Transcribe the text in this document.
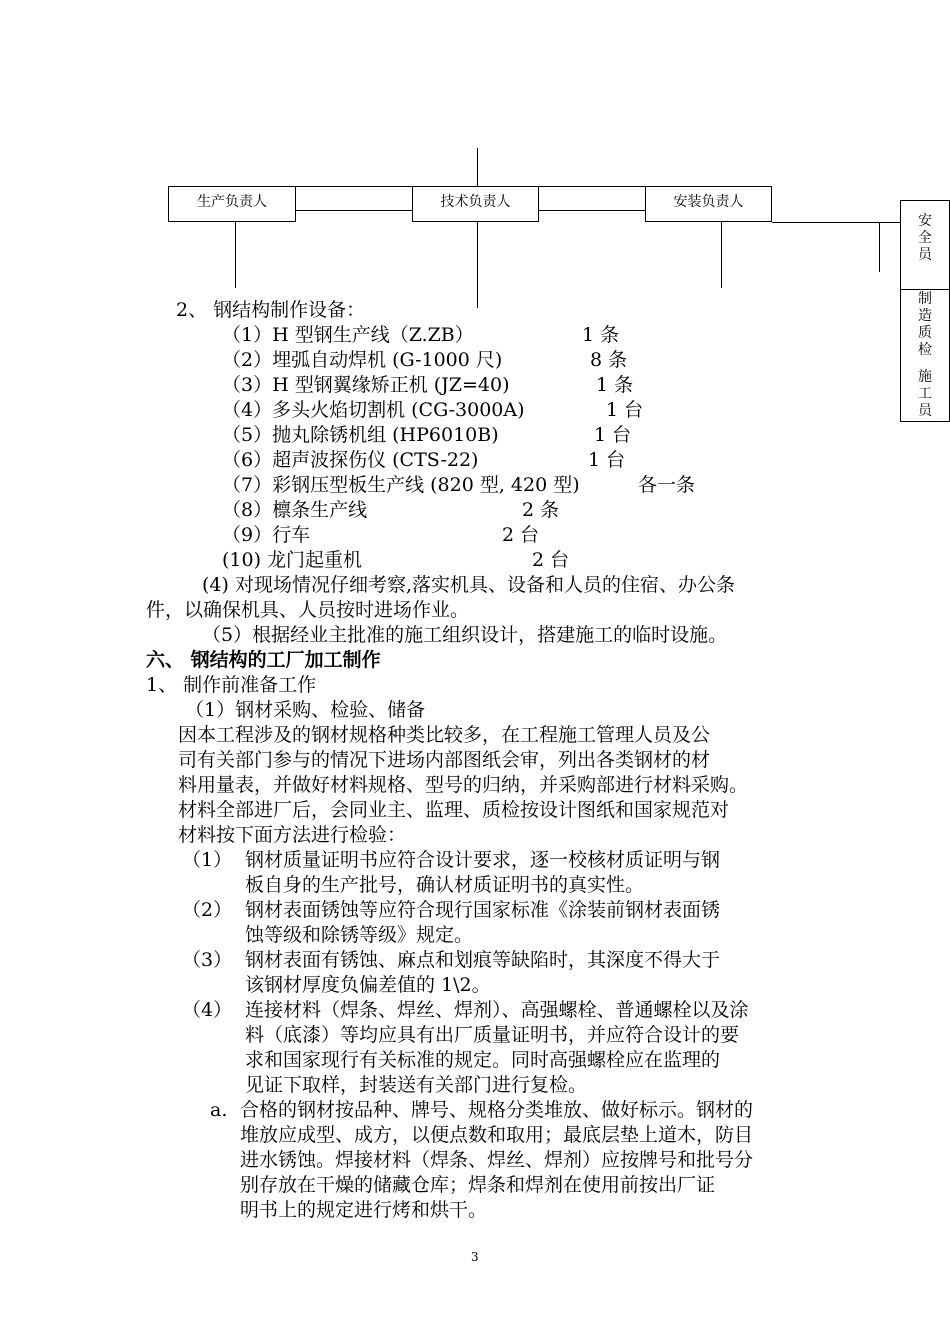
生产负责人	技术负责人	安装负责人
安
全
员
制
造
质
检
施
工
员
2、 钢结构制作设备：
（1）H 型钢生产线（Z.ZB）	1 条
（2）埋弧自动焊机 (G-1000 尺)	8 条
（3）H 型钢翼缘矫正机 (JZ=40)	1 条
（4）多头火焰切割机 (CG-3000A)	1 台
（5）抛丸除锈机组 (HP6010B)	1 台
（6）超声波探伤仪 (CTS-22)	1 台
（7）彩钢压型板生产线 (820 型, 420 型)	各一条
（8）檩条生产线	2 条
（9）行车	2 台
(10) 龙门起重机	2 台
(4) 对现场情况仔细考察,落实机具、设备和人员的住宿、办公条
件，以确保机具、人员按时进场作业。
（5）根据经业主批准的施工组织设计，搭建施工的临时设施。
六、 钢结构的工厂加工制作
1、 制作前准备工作
（1）钢材采购、检验、储备
因本工程涉及的钢材规格种类比较多，在工程施工管理人员及公
司有关部门参与的情况下进场内部图纸会审，列出各类钢材的材
料用量表，并做好材料规格、型号的归纳，并采购部进行材料采购。
材料全部进厂后，会同业主、监理、质检按设计图纸和国家规范对
材料按下面方法进行检验：
（1） 钢材质量证明书应符合设计要求，逐一校核材质证明与钢
板自身的生产批号，确认材质证明书的真实性。
（2） 钢材表面锈蚀等应符合现行国家标准《涂装前钢材表面锈
蚀等级和除锈等级》规定。
（3） 钢材表面有锈蚀、麻点和划痕等缺陷时，其深度不得大于
该钢材厚度负偏差值的 1\2。
（4） 连接材料（焊条、焊丝、焊剂）、高强螺栓、普通螺栓以及涂
料（底漆）等均应具有出厂质量证明书，并应符合设计的要
求和国家现行有关标准的规定。同时高强螺栓应在监理的
见证下取样，封装送有关部门进行复检。
a. 合格的钢材按品种、牌号、规格分类堆放、做好标示。钢材的
堆放应成型、成方，以便点数和取用；最底层垫上道木，防目
进水锈蚀。焊接材料（焊条、焊丝、焊剂）应按牌号和批号分
别存放在干燥的储藏仓库；焊条和焊剂在使用前按出厂证
明书上的规定进行烤和烘干。
3
